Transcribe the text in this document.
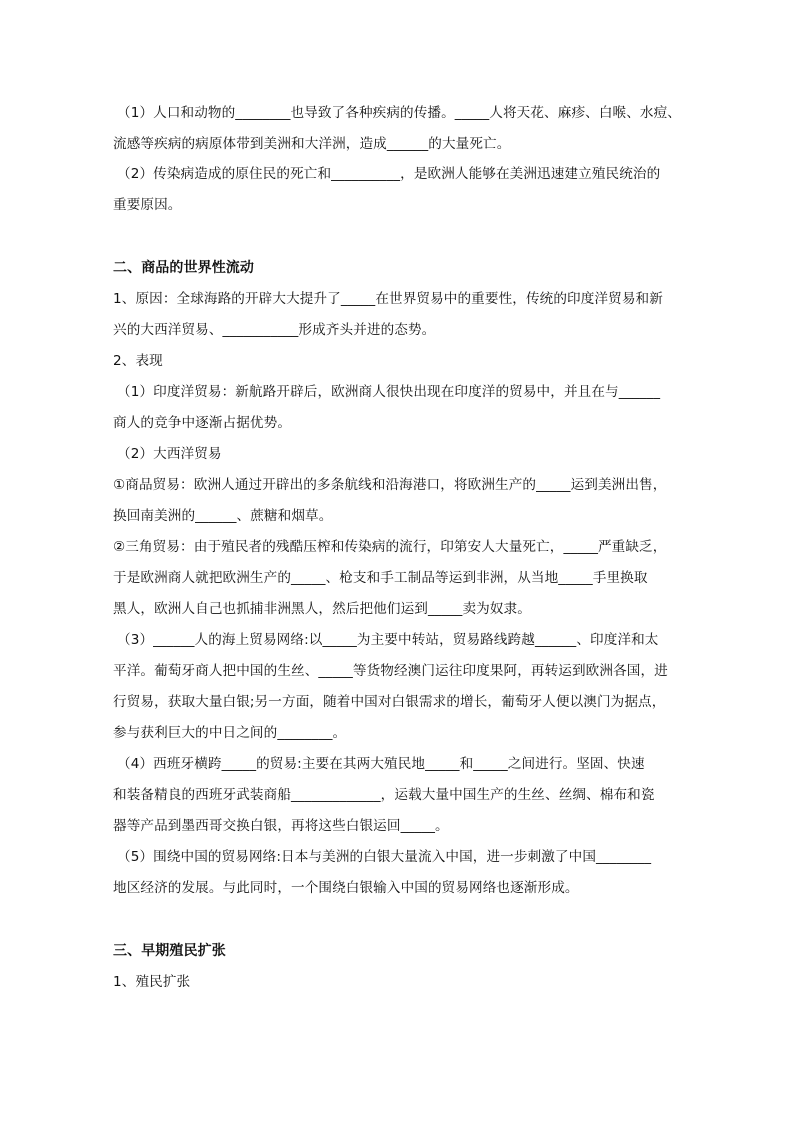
（1）人口和动物的________也导致了各种疾病的传播。_____人将天花、麻疹、白喉、水痘、
流感等疾病的病原体带到美洲和大洋洲，造成______的大量死亡。
（2）传染病造成的原住民的死亡和__________，是欧洲人能够在美洲迅速建立殖民统治的
重要原因。
二、商品的世界性流动
1、原因：全球海路的开辟大大提升了_____在世界贸易中的重要性，传统的印度洋贸易和新
兴的大西洋贸易、___________形成齐头并进的态势。
2、表现
（1）印度洋贸易：新航路开辟后，欧洲商人很快出现在印度洋的贸易中，并且在与______
商人的竞争中逐渐占据优势。
（2）大西洋贸易
①商品贸易：欧洲人通过开辟出的多条航线和沿海港口，将欧洲生产的_____运到美洲出售，
换回南美洲的______、蔗糖和烟草。
②三角贸易：由于殖民者的残酷压榨和传染病的流行，印第安人大量死亡，_____严重缺乏，
于是欧洲商人就把欧洲生产的_____、枪支和手工制品等运到非洲，从当地_____手里换取
黑人，欧洲人自己也抓捕非洲黑人，然后把他们运到_____卖为奴隶。
（3）______人的海上贸易网络:以_____为主要中转站，贸易路线跨越______、印度洋和太
平洋。葡萄牙商人把中国的生丝、_____等货物经澳门运往印度果阿，再转运到欧洲各国，进
行贸易，获取大量白银;另一方面，随着中国对白银需求的增长，葡萄牙人便以澳门为据点，
参与获利巨大的中日之间的________。
（4）西班牙横跨_____的贸易:主要在其两大殖民地_____和_____之间进行。坚固、快速
和装备精良的西班牙武装商船_____________，运载大量中国生产的生丝、丝绸、棉布和瓷
器等产品到墨西哥交换白银，再将这些白银运回_____。
（5）围绕中国的贸易网络:日本与美洲的白银大量流入中国，进一步刺激了中国________
地区经济的发展。与此同时，一个围绕白银输入中国的贸易网络也逐渐形成。
三、早期殖民扩张
1、殖民扩张
